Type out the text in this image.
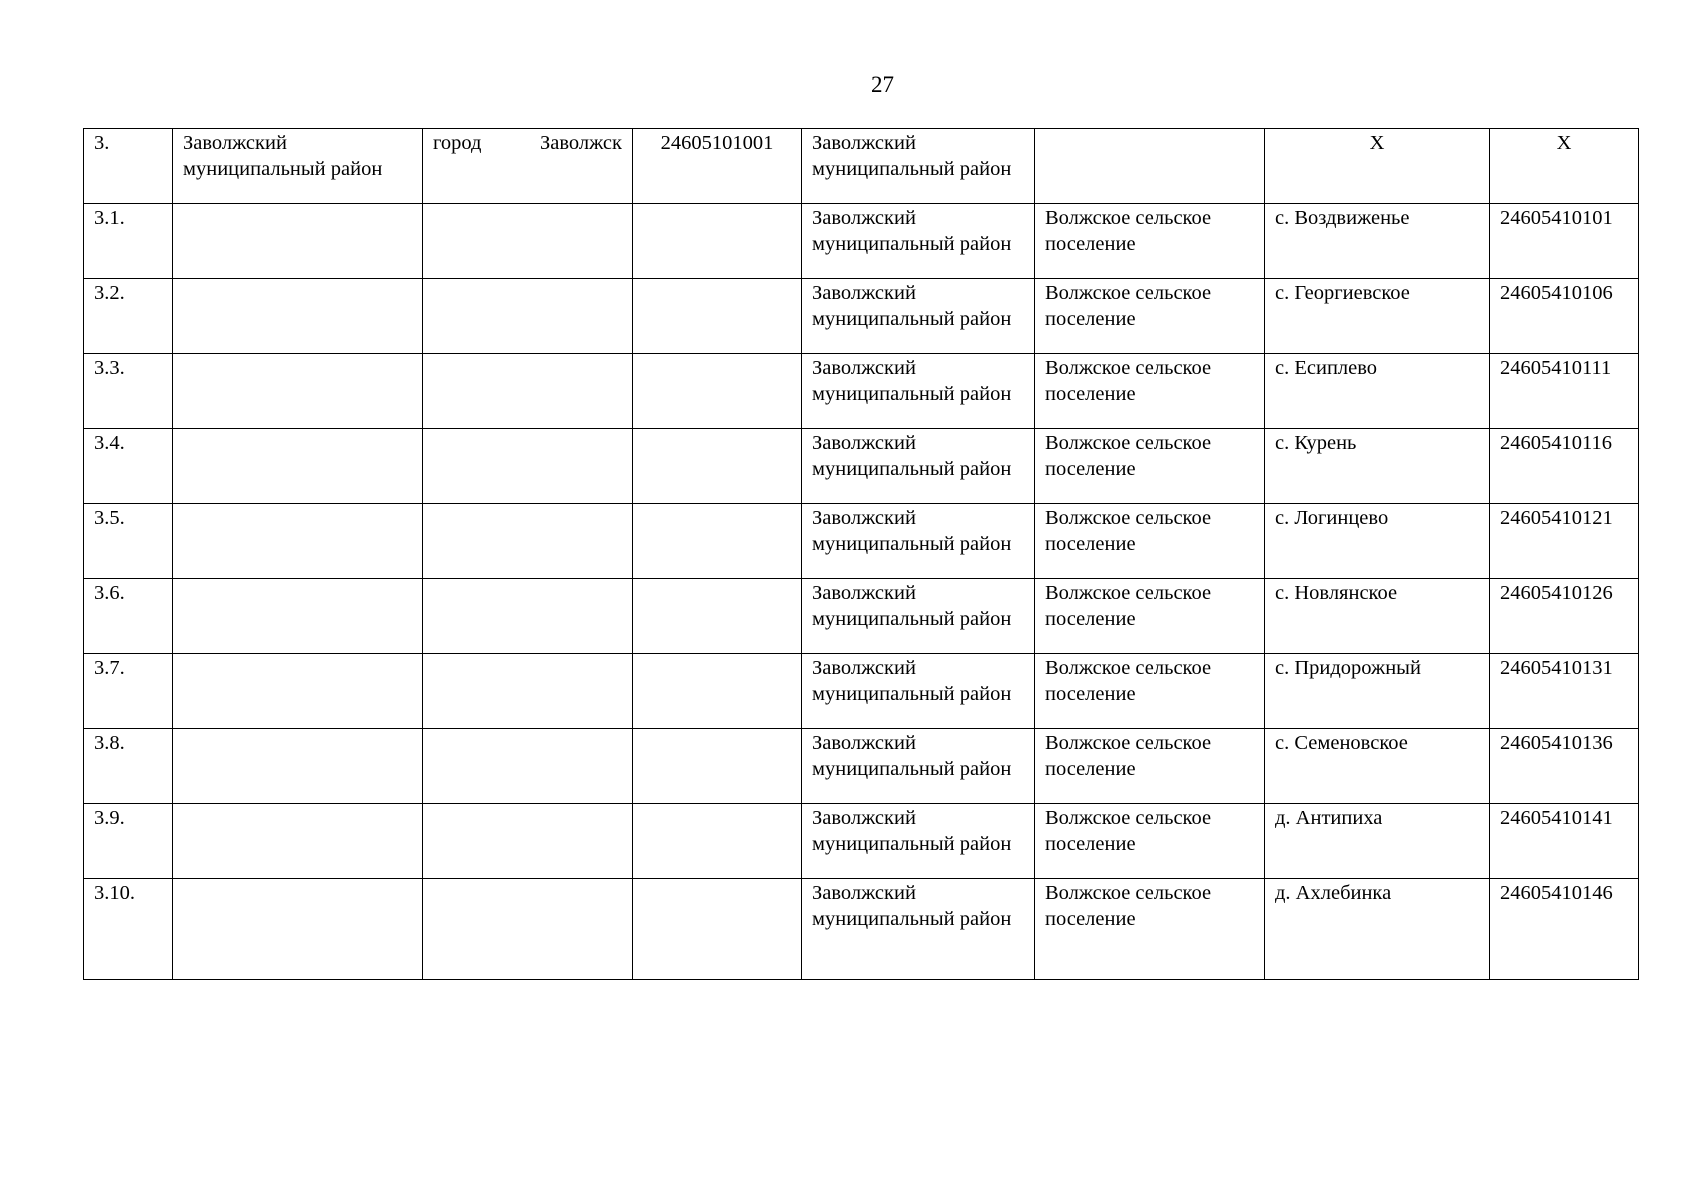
27
3.	Заволжский муниципальный район	город Заволжск	24605101001	Заволжский муниципальный район		X	X
3.1.				Заволжский муниципальный район	Волжское сельское поселение	с. Воздвиженье	24605410101
3.2.				Заволжский муниципальный район	Волжское сельское поселение	с. Георгиевское	24605410106
3.3.				Заволжский муниципальный район	Волжское сельское поселение	с. Есиплево	24605410111
3.4.				Заволжский муниципальный район	Волжское сельское поселение	с. Курень	24605410116
3.5.				Заволжский муниципальный район	Волжское сельское поселение	с. Логинцево	24605410121
3.6.				Заволжский муниципальный район	Волжское сельское поселение	с. Новлянское	24605410126
3.7.				Заволжский муниципальный район	Волжское сельское поселение	с. Придорожный	24605410131
3.8.				Заволжский муниципальный район	Волжское сельское поселение	с. Семеновское	24605410136
3.9.				Заволжский муниципальный район	Волжское сельское поселение	д. Антипиха	24605410141
3.10.				Заволжский муниципальный район	Волжское сельское поселение	д. Ахлебинка	24605410146
